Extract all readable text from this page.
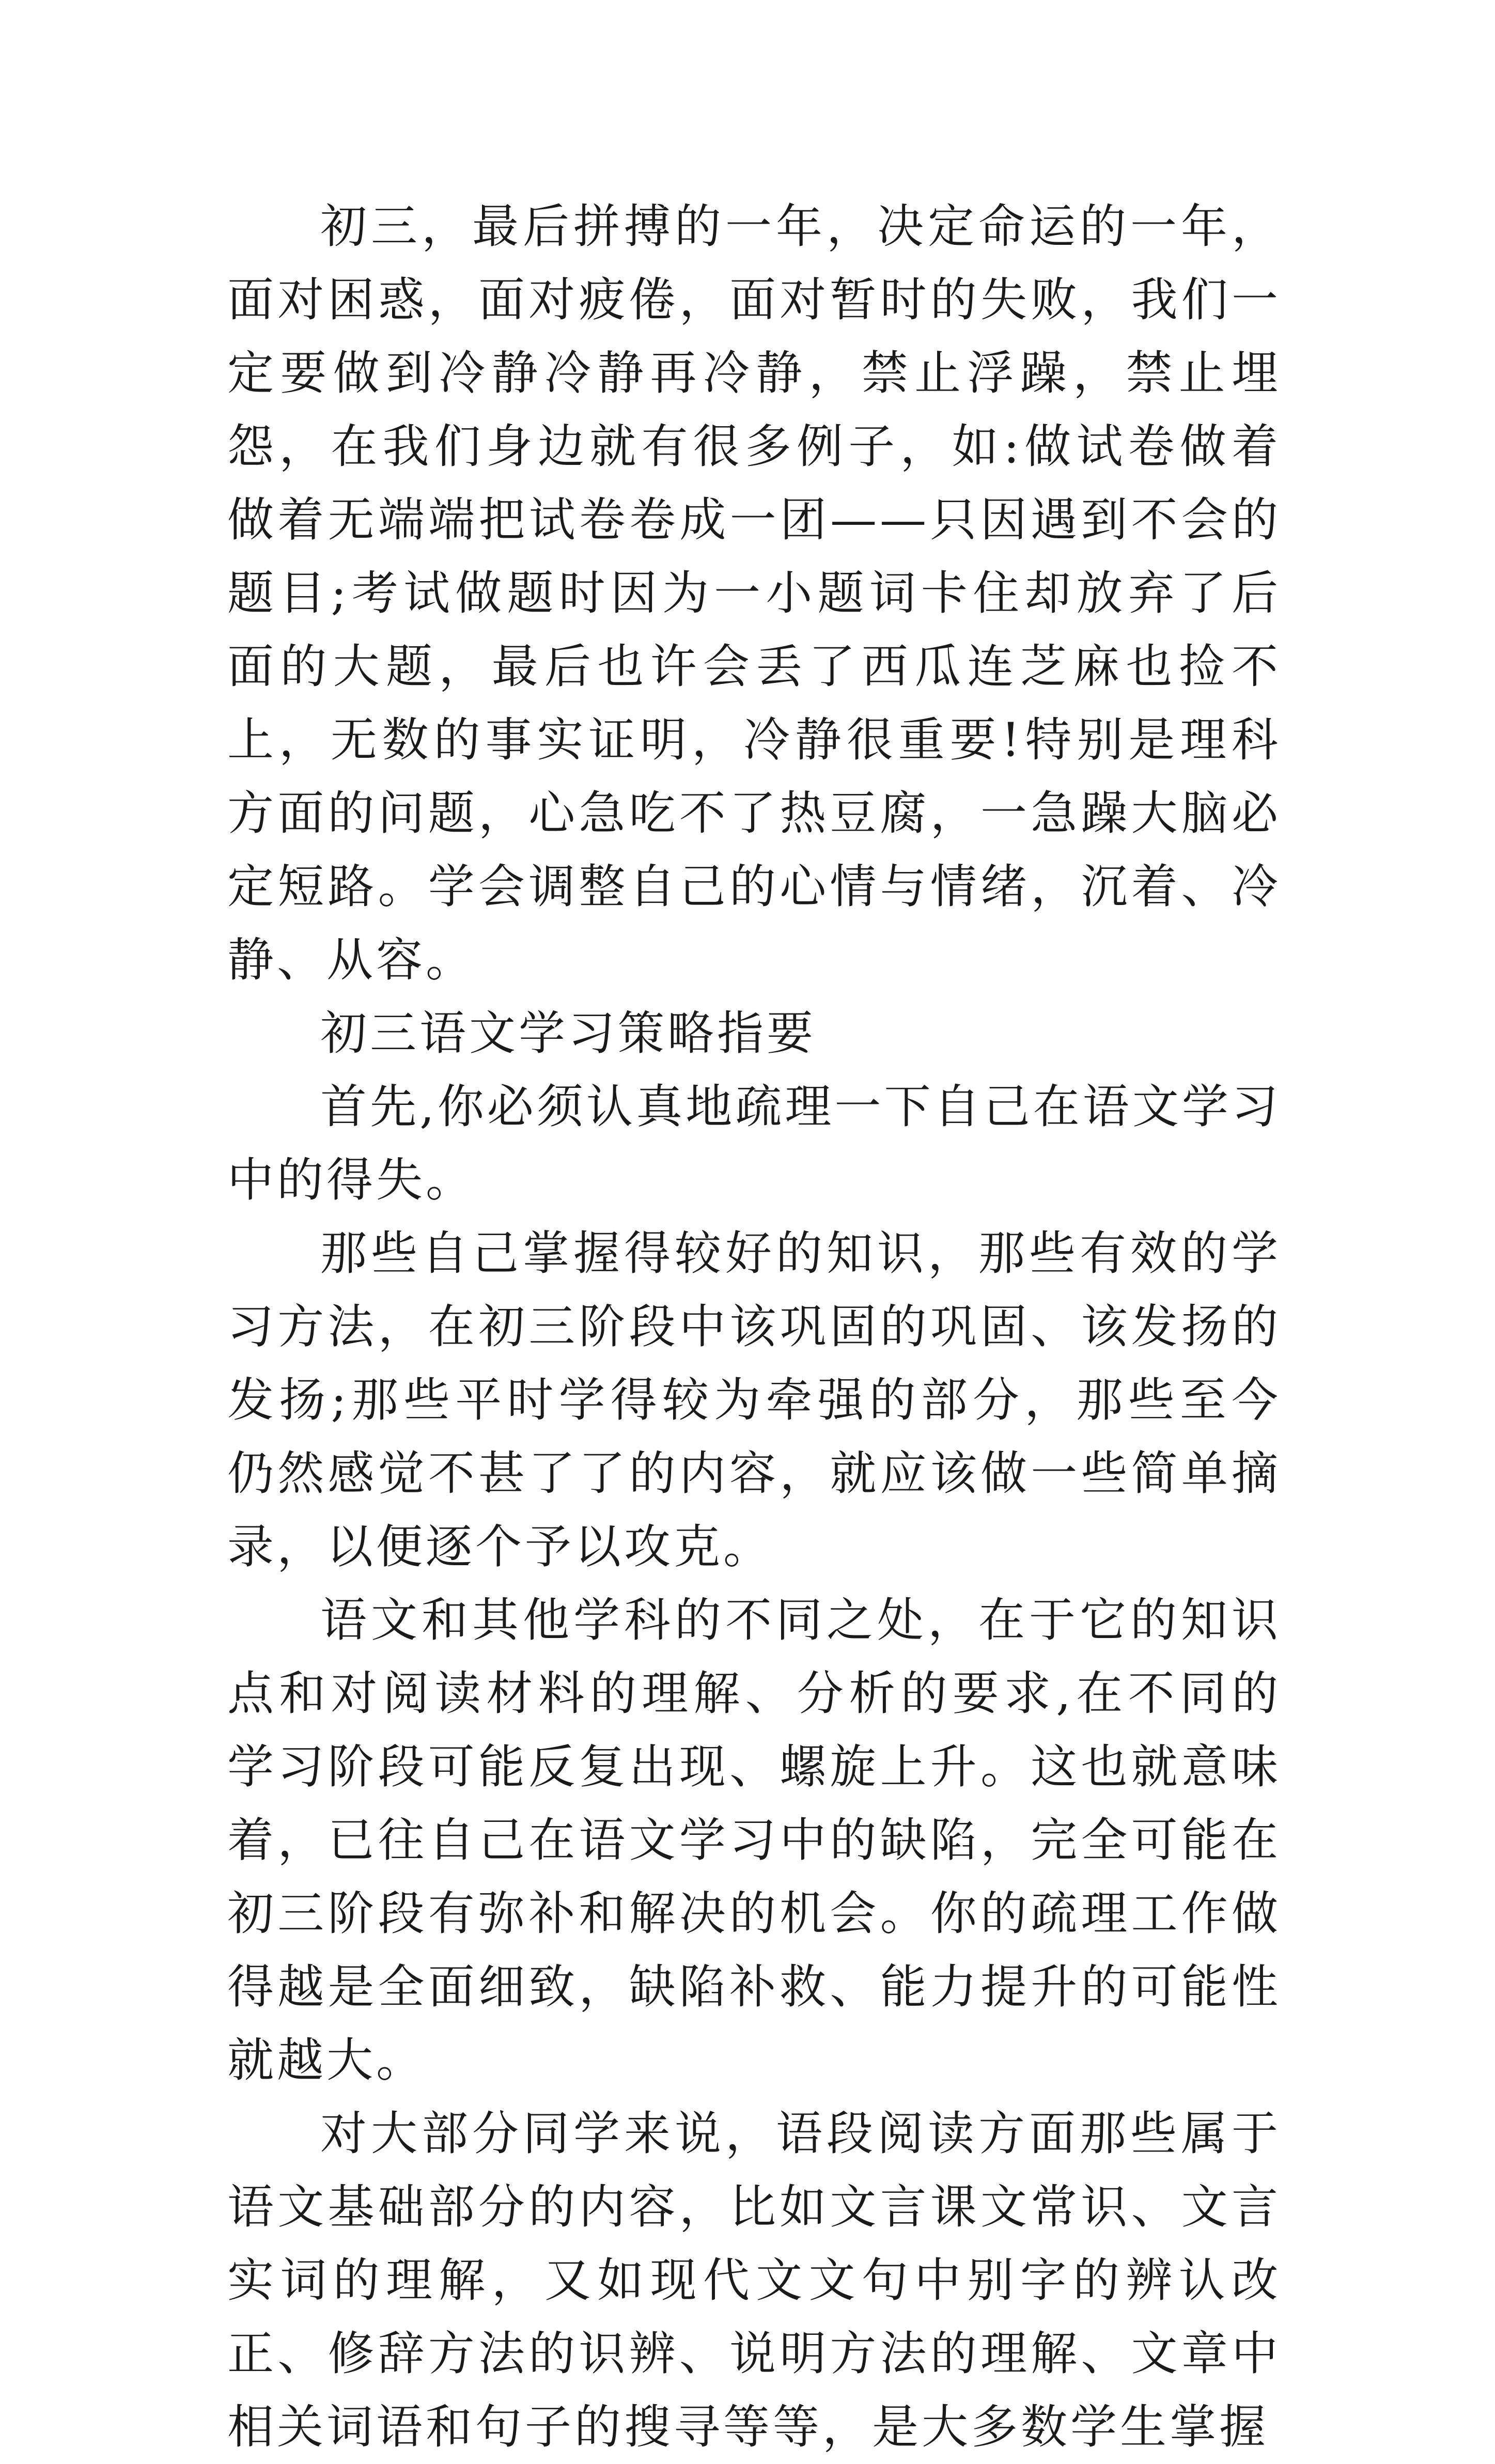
初三，最后拼搏的一年，决定命运的一年，面对困惑，面对疲倦，面对暂时的失败，我们一定要做到冷静冷静再冷静，禁止浮躁，禁止埋怨，在我们身边就有很多例子，如:做试卷做着做着无端端把试卷卷成一团——只因遇到不会的题目;考试做题时因为一小题词卡住却放弃了后面的大题，最后也许会丢了西瓜连芝麻也捡不上，无数的事实证明，冷静很重要!特别是理科方面的问题，心急吃不了热豆腐，一急躁大脑必定短路。学会调整自己的心情与情绪，沉着、冷静、从容。

初三语文学习策略指要

首先,你必须认真地疏理一下自己在语文学习中的得失。

那些自己掌握得较好的知识，那些有效的学习方法，在初三阶段中该巩固的巩固、该发扬的发扬;那些平时学得较为牵强的部分，那些至今仍然感觉不甚了了的内容，就应该做一些简单摘录，以便逐个予以攻克。

语文和其他学科的不同之处，在于它的知识点和对阅读材料的理解、分析的要求,在不同的学习阶段可能反复出现、螺旋上升。这也就意味着，已往自己在语文学习中的缺陷，完全可能在初三阶段有弥补和解决的机会。你的疏理工作做得越是全面细致，缺陷补救、能力提升的可能性就越大。

对大部分同学来说，语段阅读方面那些属于语文基础部分的内容，比如文言课文常识、文言实词的理解，又如现代文文句中别字的辨认改正、修辞方法的识辨、说明方法的理解、文章中相关词语和句子的搜寻等等，是大多数学生掌握
